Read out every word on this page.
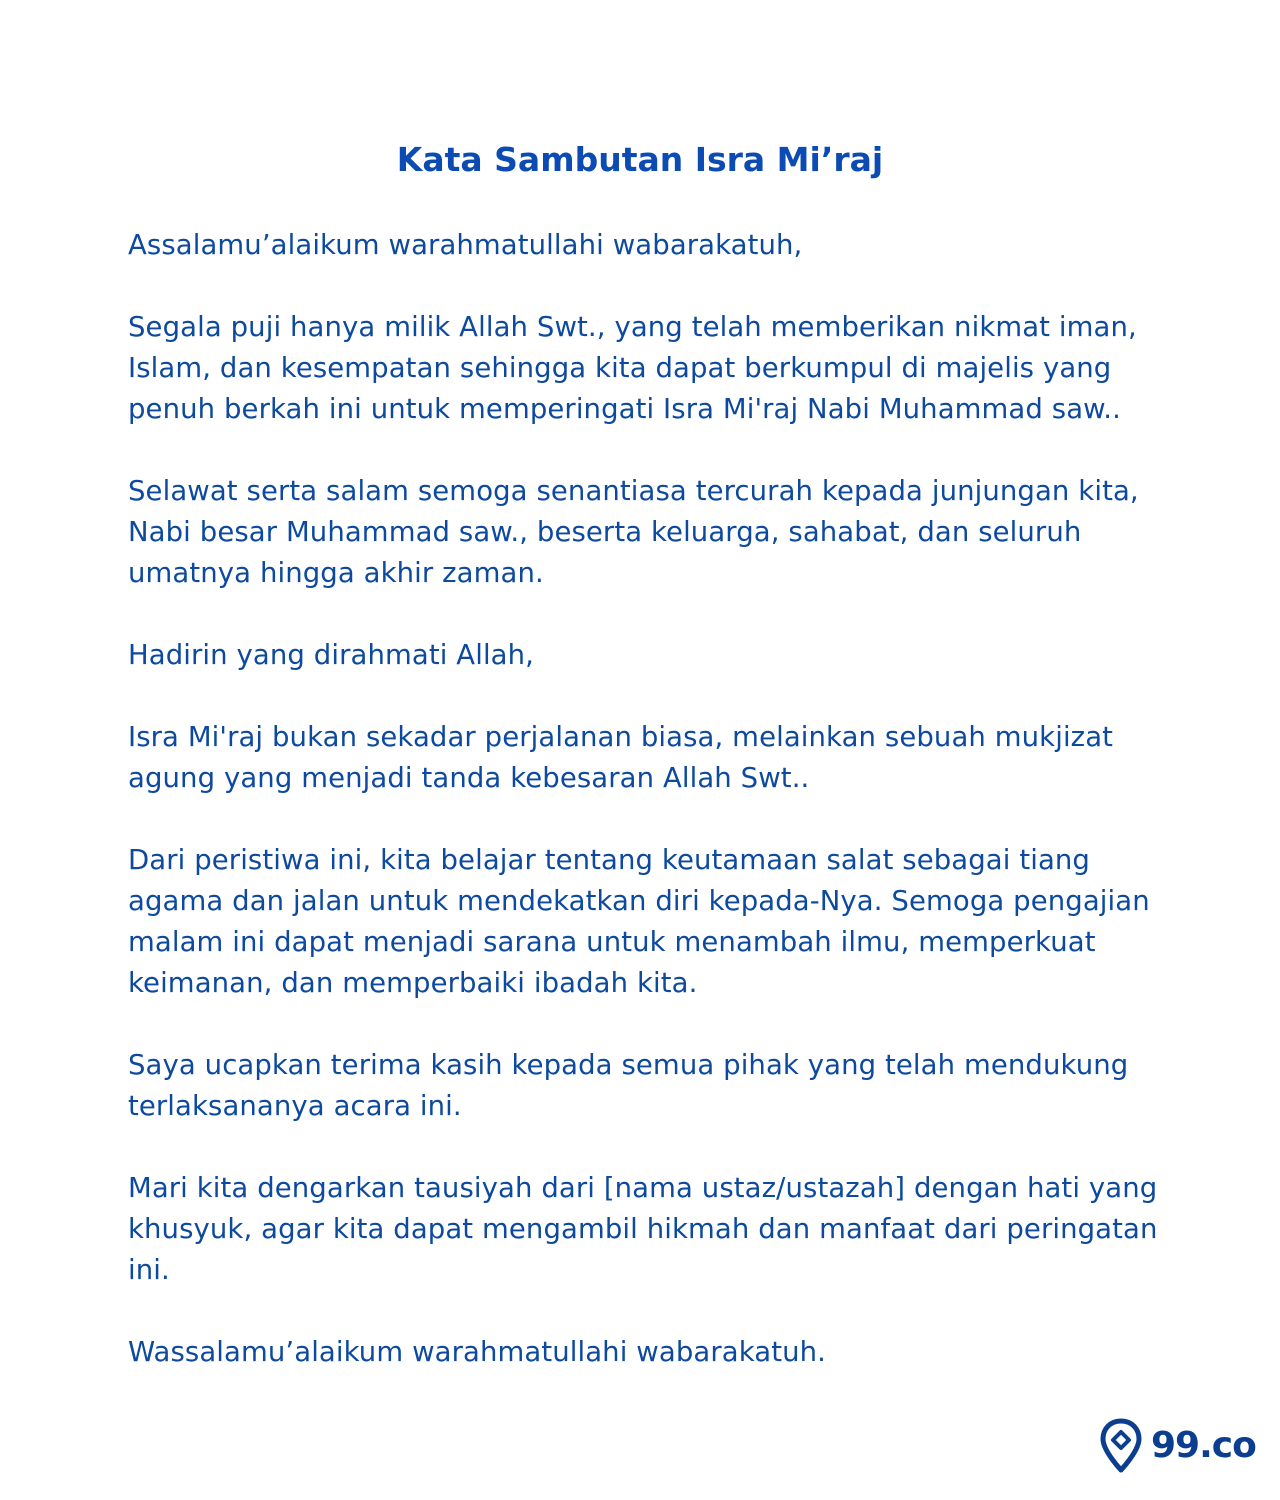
Kata Sambutan Isra Mi’raj

Assalamu’alaikum warahmatullahi wabarakatuh,

Segala puji hanya milik Allah Swt., yang telah memberikan nikmat iman, Islam, dan kesempatan sehingga kita dapat berkumpul di majelis yang penuh berkah ini untuk memperingati Isra Mi'raj Nabi Muhammad saw..

Selawat serta salam semoga senantiasa tercurah kepada junjungan kita, Nabi besar Muhammad saw., beserta keluarga, sahabat, dan seluruh umatnya hingga akhir zaman.

Hadirin yang dirahmati Allah,

Isra Mi'raj bukan sekadar perjalanan biasa, melainkan sebuah mukjizat agung yang menjadi tanda kebesaran Allah Swt..

Dari peristiwa ini, kita belajar tentang keutamaan salat sebagai tiang agama dan jalan untuk mendekatkan diri kepada-Nya. Semoga pengajian malam ini dapat menjadi sarana untuk menambah ilmu, memperkuat keimanan, dan memperbaiki ibadah kita.

Saya ucapkan terima kasih kepada semua pihak yang telah mendukung terlaksananya acara ini.

Mari kita dengarkan tausiyah dari [nama ustaz/ustazah] dengan hati yang khusyuk, agar kita dapat mengambil hikmah dan manfaat dari peringatan ini.

Wassalamu’alaikum warahmatullahi wabarakatuh.

99.co
